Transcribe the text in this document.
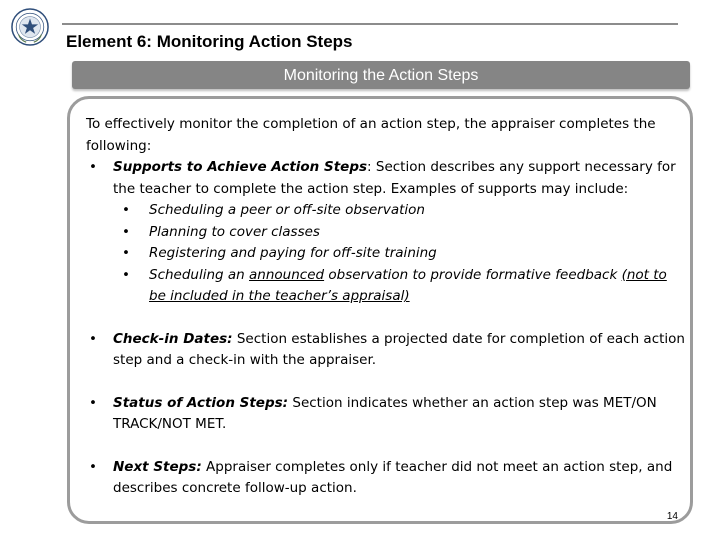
Element 6: Monitoring Action Steps
Monitoring the Action Steps
14

To effectively monitor the completion of an action step, the appraiser completes the following:

• Supports to Achieve Action Steps: Section describes any support necessary for the teacher to complete the action step. Examples of supports may include:
• Scheduling a peer or off-site observation
• Planning to cover classes
• Registering and paying for off-site training
• Scheduling an announced observation to provide formative feedback (not to be included in the teacher’s appraisal)
• Check-in Dates: Section establishes a projected date for completion of each action step and a check-in with the appraiser.
• Status of Action Steps: Section indicates whether an action step was MET/ON TRACK/NOT MET.
• Next Steps: Appraiser completes only if teacher did not meet an action step, and describes concrete follow-up action.
